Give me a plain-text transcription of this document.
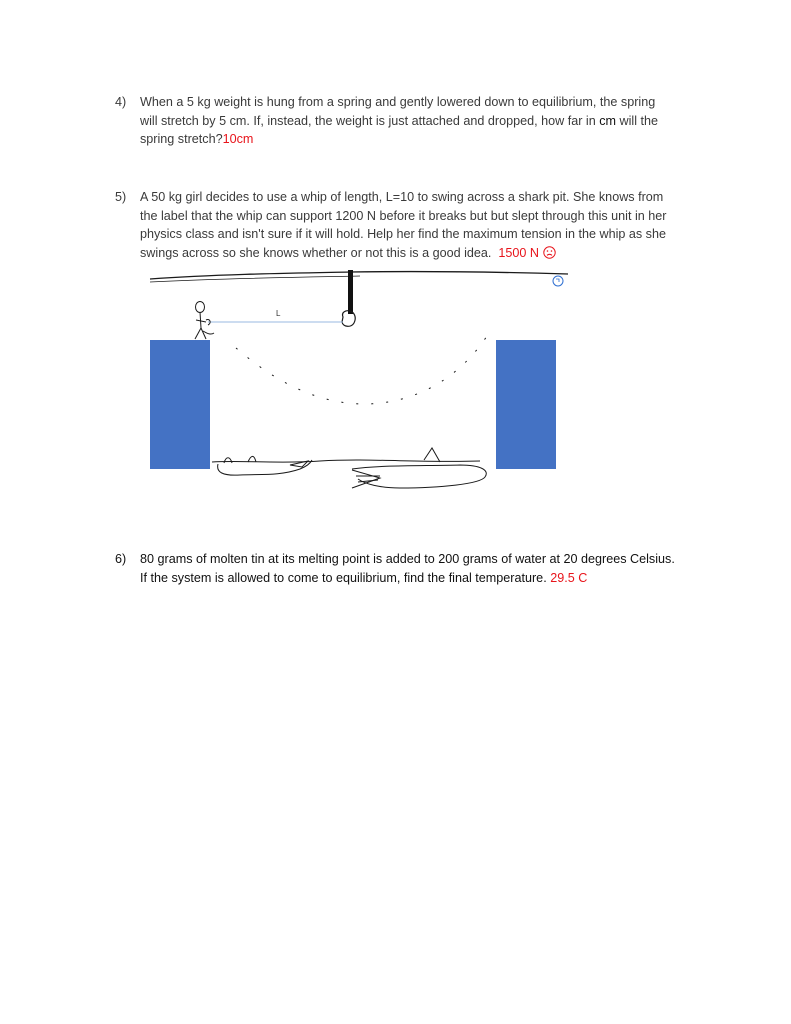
4)	When a 5 kg weight is hung from a spring and gently lowered down to equilibrium, the spring
will stretch by 5 cm. If, instead, the weight is just attached and dropped, how far in cm will the
spring stretch?10cm
5)	A 50 kg girl decides to use a whip of length, L=10 to swing across a shark pit. She knows from
the label that the whip can support 1200 N before it breaks but but slept through this unit in her
physics class and isn't sure if it will hold. Help her find the maximum tension in the whip as she
swings across so she knows whether or not this is a good idea. 1500 N
L
6)	80 grams of molten tin at its melting point is added to 200 grams of water at 20 degrees Celsius.
If the system is allowed to come to equilibrium, find the final temperature. 29.5 C
